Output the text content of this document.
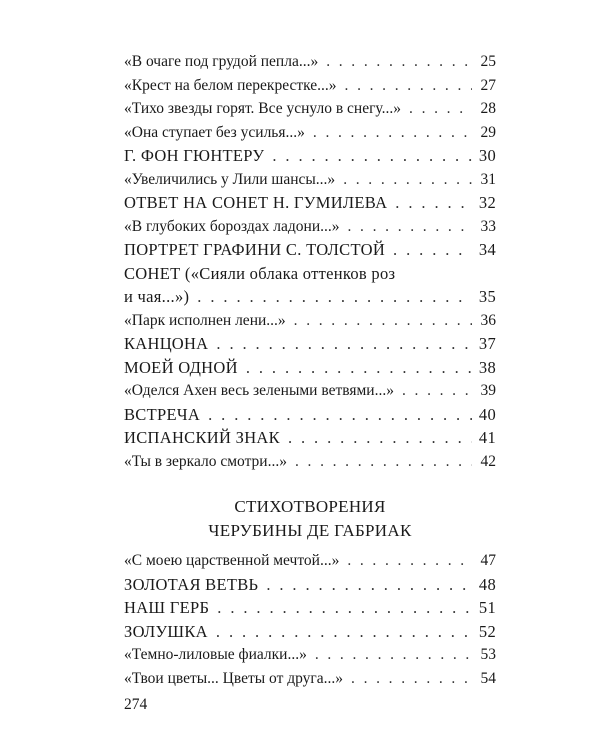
«В очаге под грудой пепла...» . . .	25
«Крест на белом перекрестке...» . . .	27
«Тихо звезды горят. Все уснуло в снегу...» . . .	28
«Она ступает без усилья...» . . .	29
Г. ФОН ГЮНТЕРУ . . .	30
«Увеличились у Лили шансы...» . . .	31
ОТВЕТ НА СОНЕТ Н. ГУМИЛЕВА . . .	32
«В глубоких бороздах ладони...» . . .	33
ПОРТРЕТ ГРАФИНИ С. ТОЛСТОЙ . . .	34
СОНЕТ («Сияли облака оттенков роз
и чая...») . . .	35
«Парк исполнен лени...» . . .	36
КАНЦОНА . . .	37
МОЕЙ ОДНОЙ . . .	38
«Оделся Ахен весь зелеными ветвями...» . . .	39
ВСТРЕЧА . . .	40
ИСПАНСКИЙ ЗНАК . . .	41
«Ты в зеркало смотри...» . . .	42
СТИХОТВОРЕНИЯ
ЧЕРУБИНЫ ДЕ ГАБРИАК
«С моею царственной мечтой...» . . .	47
ЗОЛОТАЯ ВЕТВЬ . . .	48
НАШ ГЕРБ . . .	51
ЗОЛУШКА . . .	52
«Темно-лиловые фиалки...» . . .	53
«Твои цветы... Цветы от друга...» . . .	54
274
